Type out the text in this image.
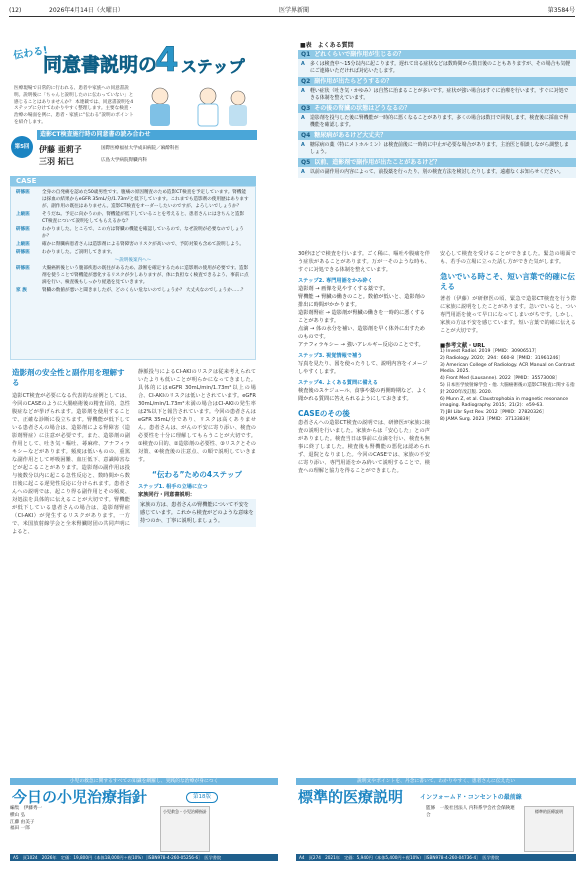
(12)	2026年4月14日（火曜日）	医学界新聞	第3584号
伝わる!
同意書説明の
4 ステップ
医療現場で日常的に行われる、患者や家族への同意書説明。説明後に「ちゃんと説明したのに伝わっていない」と感じることはありませんか？ 本連載では、同意書説明を4ステップに分けてわかりやすく整理します。主要な検査・治療の場面を例に、患者・家族に“伝わる”説明のポイントを紹介します。
第5回
造影CT検査施行時の同意書の読み合わせ
伊藤 亜莉子	国際医療福祉大学成田病院／麻酔科医
三羽 拓巳	広島大学病院腎臓内科
CASE
研修医	全身の自発痛を認めた50歳男性です。腹痛の原因精査のため造影CT検査を予定しています。腎機能は採血の結果からeGFR 35mL/分/1.73m²と低下しています。これまでも造影剤の使用歴はありますが、副作用の既往はありません。造影CT検査をオーダーしたいのですが、よろしいでしょうか？
上級医	そうだね。予定に向かうのか、腎機能が低下していることを考えると、患者さんにはきちんと造影CT検査について説明をしてもらえるかな？
研修医	わかりました。ところで、この方は腎臓の機能を確認しているので、なぜ説明が必要なのでしょうか？
上級医	確かに腎臓病患者さんは造影剤による腎障害のリスクが高いので、予防対策も含めて説明しよう。
研修医	わかりました。ご説明してきます。
～説明後案内へ～
研修医	大腸癌術後という腹部疾患の既往があるため、診断を確定するために造影剤の使用が必要です。造影剤を使うことで腎機能が悪化するリスクが少しありますが、体に負担なく検査できるよう、事前に点滴を行い、検査後もしっかり経過を見ていきます。
家 族	腎臓の数値が悪いと聞きましたが、どのくらい危ないのでしょうか？ 大丈夫なのでしょうか……？
造影剤の安全性と副作用を理解する
造影CT検査が必要になる代表的な症例としては、今回のCASEのように大腸癌術後の精査目的、急性腹症などが挙げられます。造影剤を使用することで、正確な診断に役立ちます。腎機能が低下している患者さんの場合は、造影剤による腎障害（造影剤腎症）に注意が必要です。また、造影剤の副作用として、吐き気・嘔吐、蕁麻疹、アナフィラキシーなどがあります。頻度は低いものの、重篤な副作用として呼吸困難、血圧低下、意識障害などが起こることがあります。造影剤の副作用は投与後数分以内に起こる急性反応と、数時間から数日後に起こる遅発性反応に分けられます。患者さんへの説明では、起こり得る副作用とその頻度、対処法を具体的に伝えることが大切です。腎機能が低下している患者さんの場合は、造影剤腎症（CI-AKI）が発生するリスクがあります。一方で、米国放射線学会と全米腎臓財団の共同声明によると、
静脈投与によるCI-AKIのリスクは従来考えられていたよりも低いことが明らかになってきました。具体的にはeGFR 30mL/min/1.73m²以上の場合、CI-AKIのリスクは低いとされています。eGFR 30mL/min/1.73m²未満の場合はCI-AKIの発生率は2%以下と報告されています。今回の患者さんはeGFR 35mL/分であり、リスクは高くありません。患者さんは、がんの不安に寄り添い、検査の必要性を十分に理解してもらうことが大切です。①検査の目的、②造影剤の必要性、③リスクとその対策、④検査後の注意点、の順で説明していきます。
“伝わる”ための4ステップ
ステップ1. 相手の立場に立つ
家族同行・同意書説明：
家族の方は、患者さんの腎機能について不安を感じています。これから検査がどのような意味を持つのか、丁寧に説明しましょう。
■表　よくある質問
Q1 どれくらいで副作用が生じるの？
A 多くは検査中～15分以内に起こります。遅れて出る症状などは数時間から数日後のこともありますが、その場合も気軽にご連絡いただければ対応いたします。
Q2 副作用が出たらどうするの？
A 軽い症状（吐き気・かゆみ）は自然に治まることが多いです。症状が強い場合はすぐに治療を行います。すぐに対処できる体制を整えています。
Q3 その後の腎臓の状態はどうなるの？
A 造影剤を投与した後に腎機能が一時的に悪くなることがあります。多くの場合は数日で回復します。検査後に採血で腎機能を確認します。
Q4 糖尿病があるけど大丈夫？
A 糖尿病の薬（特にメトホルミン）は検査前後に一時的に中止が必要な場合があります。主治医と相談しながら調整しましょう。
Q5 以前、造影剤で副作用が出たことがあるけど？
A 以前の副作用の内容によって、前投薬を行ったり、別の検査方法を検討したりします。遠慮なくお知らせください。
30秒ほどで検査を行います。ごく稀に、嘔吐や腹痛を伴う症状があることがあります。万が一そのような時も、すぐに対処できる体制を整えています。
ステップ2. 専門用語をかみ砕く
造影剤 → 画像を見やすくする薬です。
腎機能 → 腎臓の働きのこと。数値が低いと、造影剤の排出に時間がかかります。
造影剤腎症 → 造影剤が腎臓の働きを一時的に悪くすることがあります。
点滴 → 体の水分を補い、造影剤を早く体外に出すためのものです。
アナフィラキシー → 強いアレルギー反応のことです。
ステップ3. 視覚情報で補う
写真を見たり、図を使ったりして、説明内容をイメージしやすくします。
ステップ4. よくある質問に備える
検査後のスケジュール、食事や薬の再開時期など、よく聞かれる質問に答えられるようにしておきます。
CASEのその後
患者さんへの造影CT検査の説明では、研修医が家族に検査の説明を行いました。家族からは「安心した」との声がありました。検査当日は事前に点滴を行い、検査も無事に終了しました。検査後も腎機能の悪化は認められず、退院となりました。今回のCASEでは、家族の不安に寄り添い、専門用語をかみ砕いて説明することで、検査への理解と協力を得ることができました。
安心して検査を受けることができました。緊急の場面でも、若手の立場に立った話し方ができた気がします。
急いでいる時こそ、短い言葉で的確に伝える
著者（伊藤）が研修医の頃、緊急で造影CT検査を行う際に家族に説明をしたことがあります。急いでいると、つい専門用語を使って早口になってしまいがちです。しかし、家族の方は不安を感じています。短い言葉で的確に伝えることが大切です。
■参考文献・URL
1) Invest Radiol. 2019［PMID：30906517］
2) Radiology. 2020；294：660-8［PMID：31961246］
3) American College of Radiology. ACR Manual on Contrast Media. 2025.
4) Front Med (Lausanne). 2022［PMID：35573008］
5) 日本医学放射線学会・他. 大腸癌術後の造影CT検査に関する指針 2020年改訂版. 2020.
6) Munn Z, et al. Claustrophobia in magnetic resonance imaging. Radiography. 2015；21(2)：e59-63.
7) JBI Libr Syst Rev. 2012［PMID：27820326］
8) JAMA Surg. 2023［PMID：37133839］
小児の救急に関するすべての知識を網羅し、実践的な治療が身につく
今日の小児治療指針	第18版
編集　伊藤秀一
横山 弘
江藤 由美子
福田 一郎
小児救急・小児治療指針
A5　頁1024　2026年　定価：19,800円（本体18,000円＋税10%）［ISBN978-4-260-05256-6］　医学書院
説明文やポイントを、丹念に書いて、わかりやすく、患者さんに伝えたい
標準的医療説明	インフォームド・コンセントの最前線
監修　一般社団法人 内科系学会社会保険連合
標準的医療説明
A4　頁274　2021年　定価：5,940円（本体5,400円＋税10%）［ISBN978-4-260-04736-4］　医学書院
